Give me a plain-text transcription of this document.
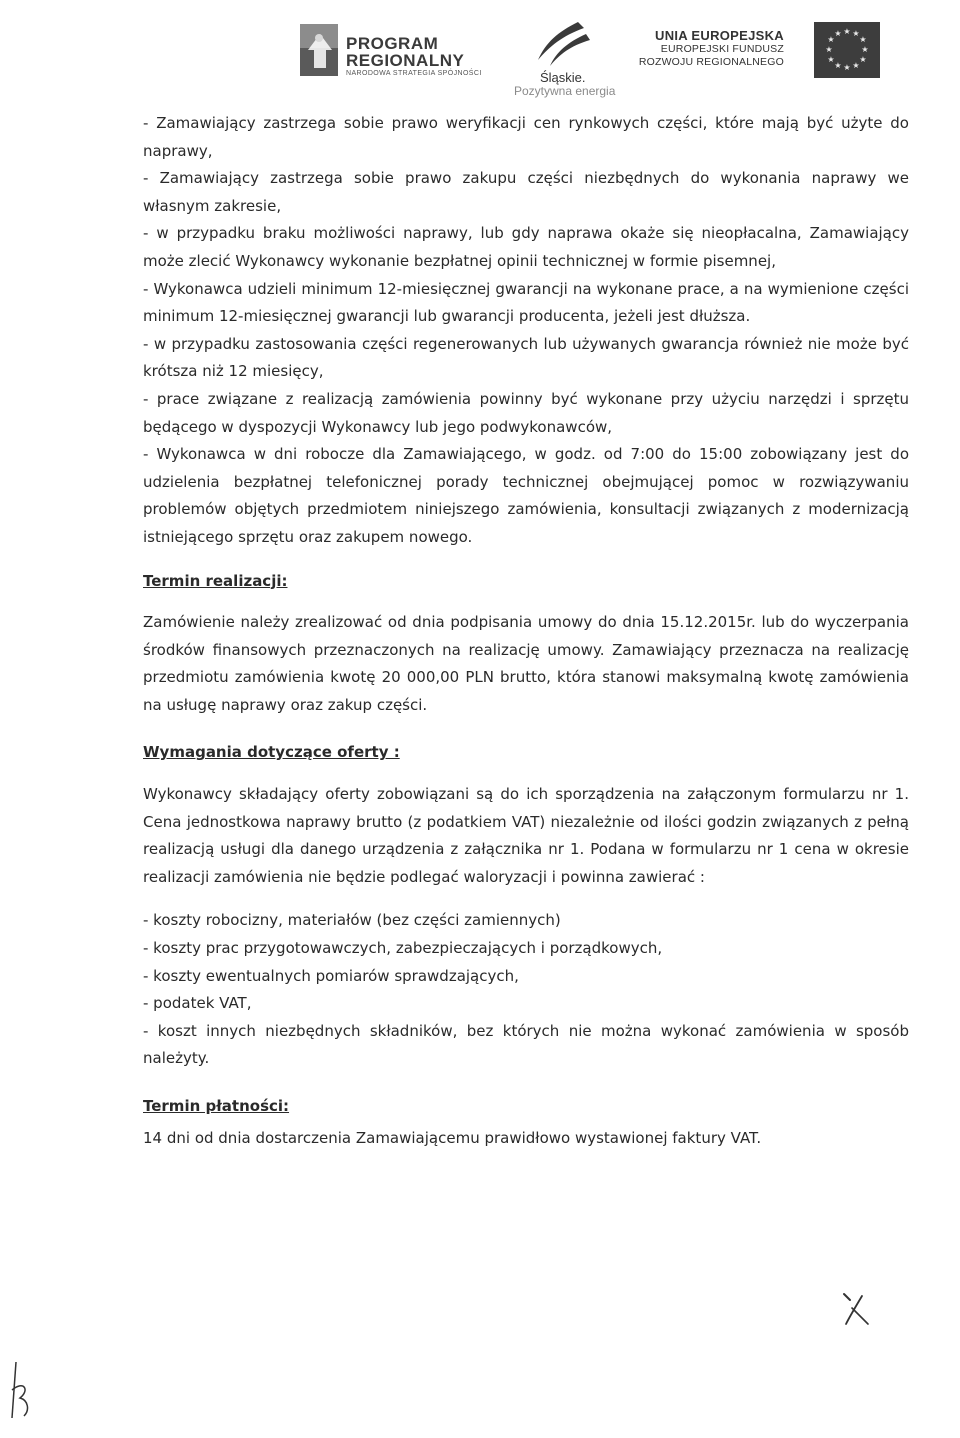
PROGRAM
REGIONALNY
NARODOWA STRATEGIA SPÓJNOŚCI	Śląskie.
Pozytywna energia
UNIA EUROPEJSKA
EUROPEJSKI FUNDUSZ
ROZWOJU REGIONALNEGO
★ ★
★
★
★
★
★
★
★
★
★
★

- Zamawiający zastrzega sobie prawo weryfikacji cen rynkowych części, które mają być użyte do naprawy,

- Zamawiający zastrzega sobie prawo zakupu części niezbędnych do wykonania naprawy we własnym zakresie,

- w przypadku braku możliwości naprawy, lub gdy naprawa okaże się nieopłacalna, Zamawiający może zlecić Wykonawcy wykonanie bezpłatnej opinii technicznej w formie pisemnej,

- Wykonawca udzieli minimum 12-miesięcznej gwarancji na wykonane prace, a na wymienione części minimum 12-miesięcznej gwarancji lub gwarancji producenta, jeżeli jest dłuższa.

- w przypadku zastosowania części regenerowanych lub używanych gwarancja również nie może być krótsza niż 12 miesięcy,

- prace związane z realizacją zamówienia powinny być wykonane przy użyciu narzędzi i sprzętu będącego w dyspozycji Wykonawcy lub jego podwykonawców,

- Wykonawca w dni robocze dla Zamawiającego, w godz. od 7:00 do 15:00 zobowiązany jest do udzielenia bezpłatnej telefonicznej porady technicznej obejmującej pomoc w rozwiązywaniu problemów objętych przedmiotem niniejszego zamówienia, konsultacji związanych z modernizacją istniejącego sprzętu oraz zakupem nowego.

Termin realizacji:

Zamówienie należy zrealizować od dnia podpisania umowy do dnia 15.12.2015r. lub do wyczerpania środków finansowych przeznaczonych na realizację umowy. Zamawiający przeznacza na realizację przedmiotu zamówienia kwotę 20 000,00 PLN brutto, która stanowi maksymalną kwotę zamówienia na usługę naprawy oraz zakup części.

Wymagania dotyczące oferty :

Wykonawcy składający oferty zobowiązani są do ich sporządzenia na załączonym formularzu nr 1. Cena jednostkowa naprawy brutto (z podatkiem VAT) niezależnie od ilości godzin związanych z pełną realizacją usługi dla danego urządzenia z załącznika nr 1. Podana w formularzu nr 1 cena w okresie realizacji zamówienia nie będzie podlegać waloryzacji i powinna zawierać :

- koszty robocizny, materiałów (bez części zamiennych)

- koszty prac przygotowawczych, zabezpieczających i porządkowych,

- koszty ewentualnych pomiarów sprawdzających,

- podatek VAT,

- koszt innych niezbędnych składników, bez których nie można wykonać zamówienia w sposób należyty.

Termin płatności:

14 dni od dnia dostarczenia Zamawiającemu prawidłowo wystawionej faktury VAT.
